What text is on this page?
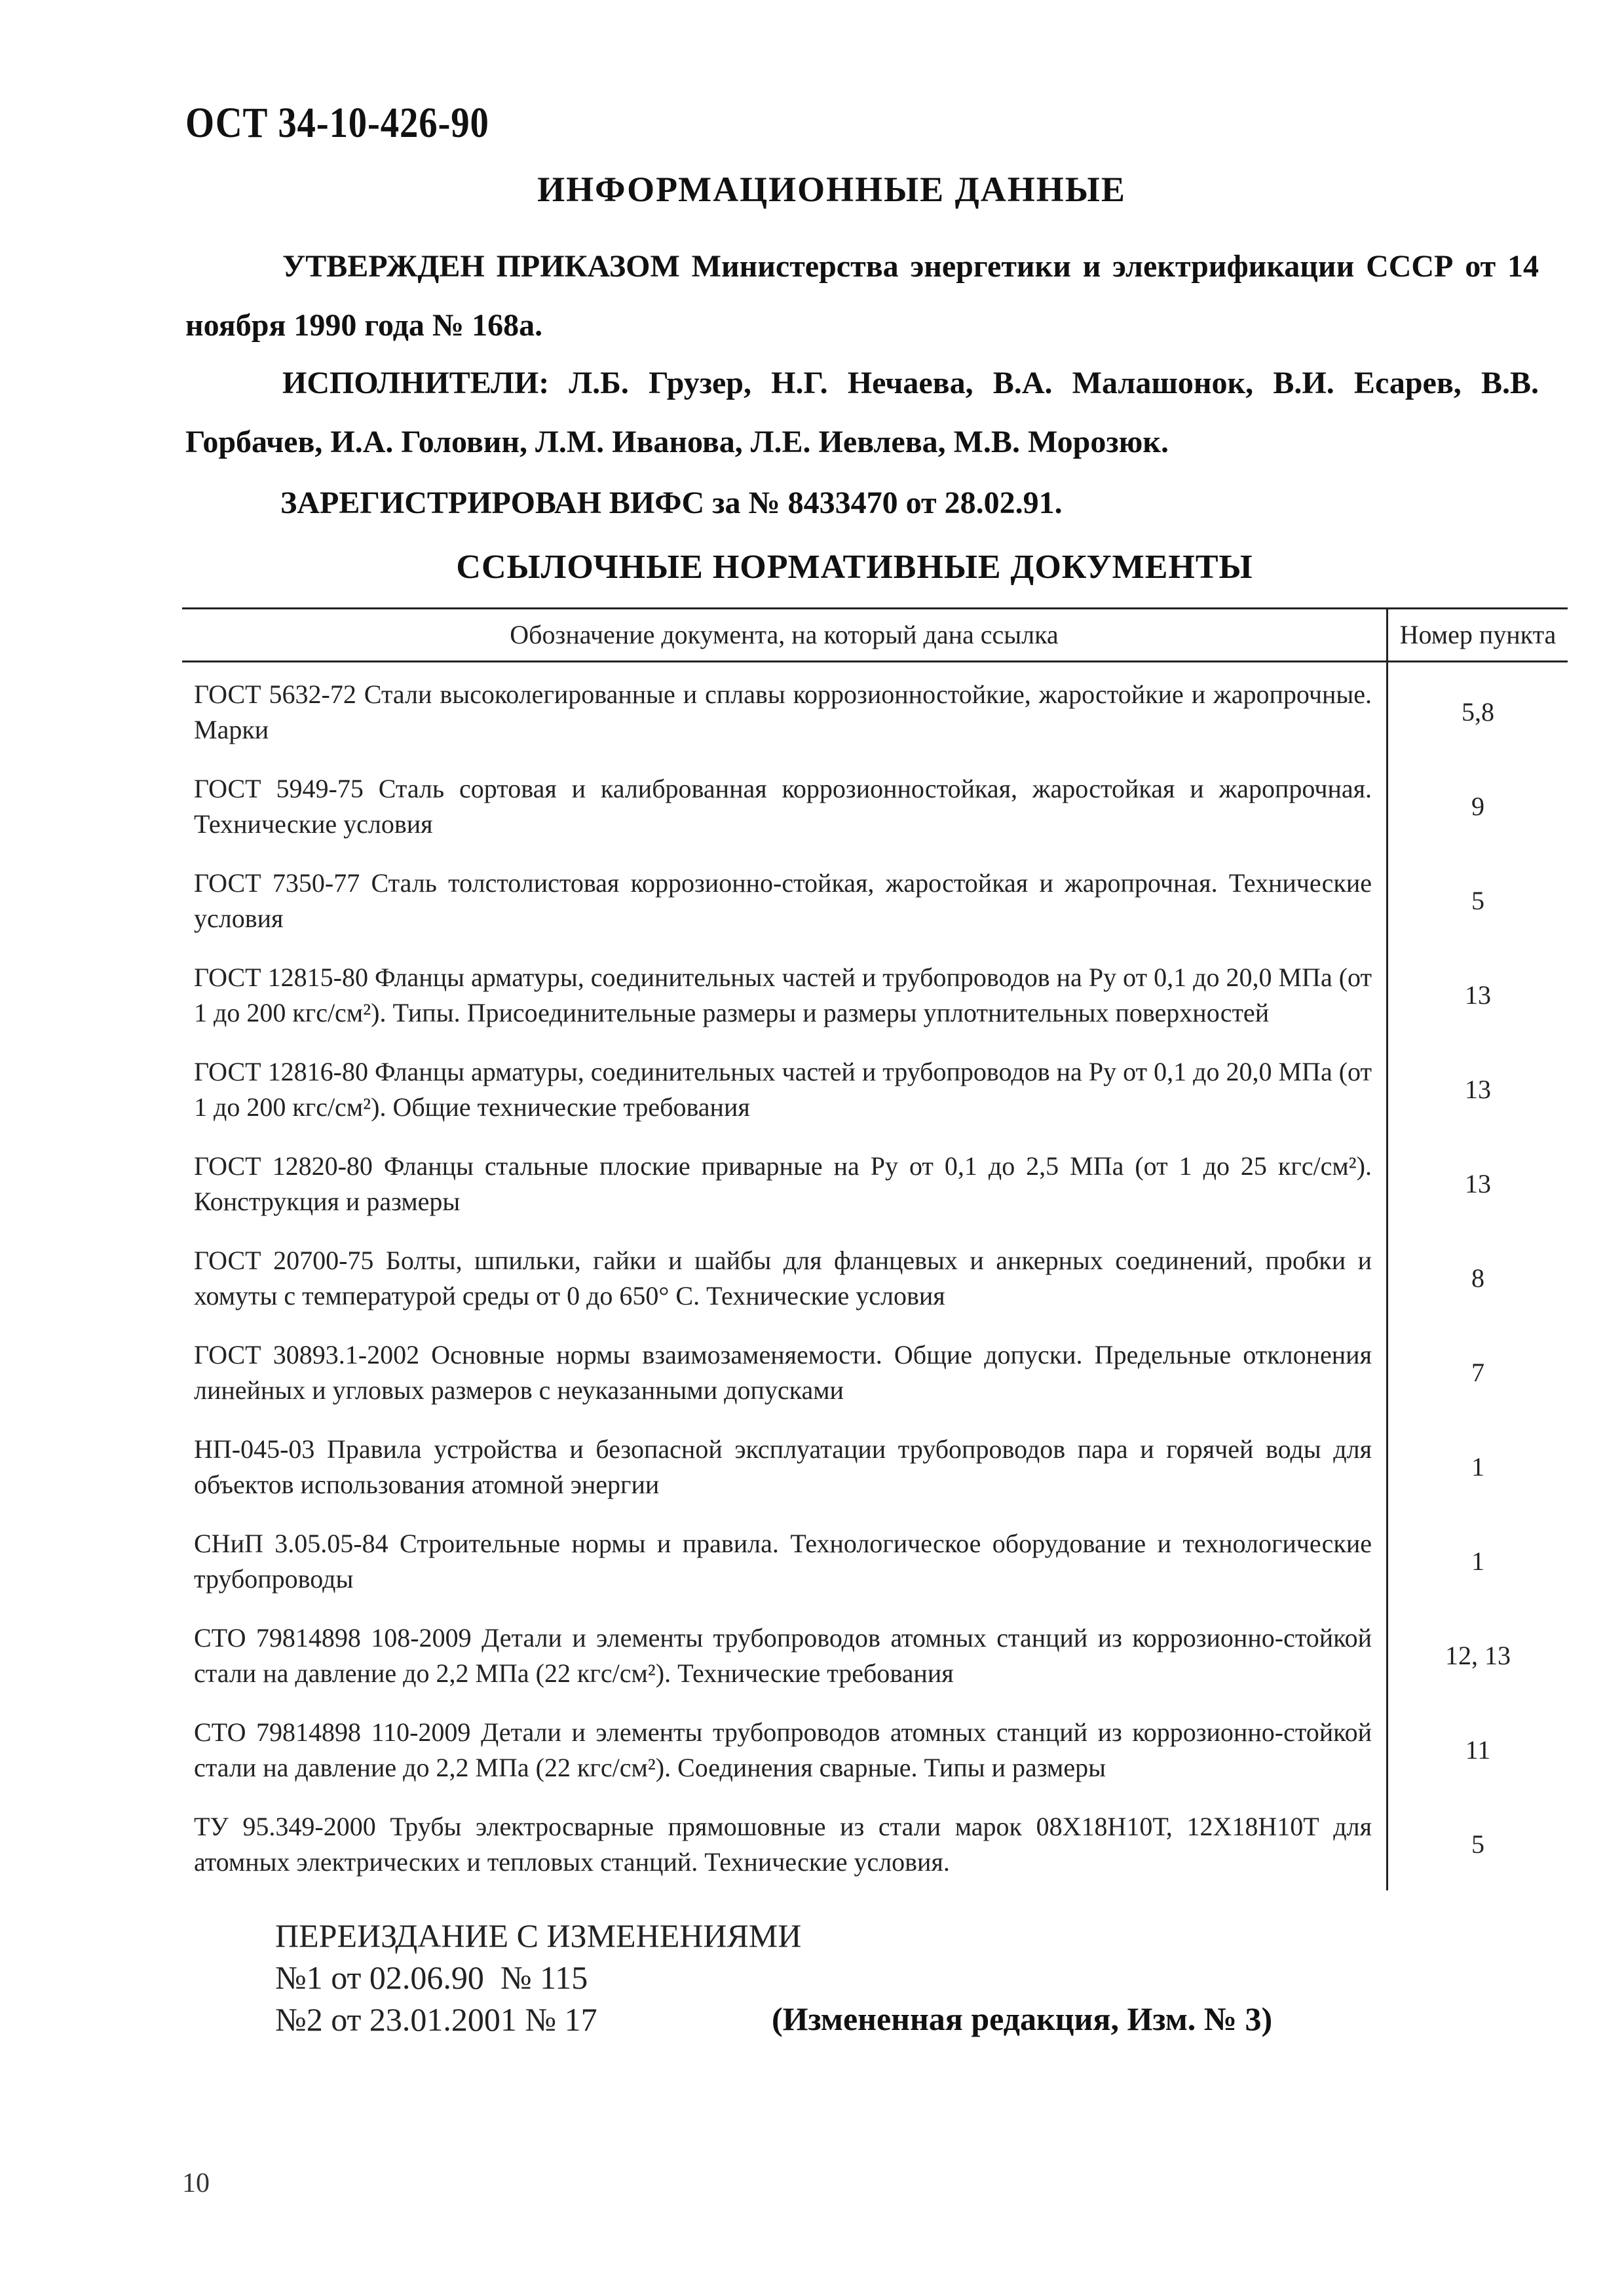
ОСТ 34-10-426-90
ИНФОРМАЦИОННЫЕ ДАННЫЕ
УТВЕРЖДЕН ПРИКАЗОМ Министерства энергетики и электрификации СССР от 14 ноября 1990 года № 168а.
ИСПОЛНИТЕЛИ: Л.Б. Грузер, Н.Г. Нечаева, В.А. Малашонок, В.И. Есарев, В.В. Горбачев, И.А. Головин, Л.М. Иванова, Л.Е. Иевлева, М.В. Морозюк.
ЗАРЕГИСТРИРОВАН ВИФС за № 8433470 от 28.02.91.
ССЫЛОЧНЫЕ НОРМАТИВНЫЕ ДОКУМЕНТЫ
Обозначение документа, на который дана ссылка	Номер пункта
ГОСТ 5632-72 Стали высоколегированные и сплавы коррозионностойкие, жаростойкие и жаропрочные. Марки	5,8
ГОСТ 5949-75 Сталь сортовая и калиброванная коррозионностойкая, жаростойкая и жаропрочная. Технические условия	9
ГОСТ 7350-77 Сталь толстолистовая коррозионно-стойкая, жаростойкая и жаропрочная. Технические условия	5
ГОСТ 12815-80 Фланцы арматуры, соединительных частей и трубопроводов на Ру от 0,1 до 20,0 МПа (от 1 до 200 кгс/см²). Типы. Присоединительные размеры и размеры уплотнительных поверхностей	13
ГОСТ 12816-80 Фланцы арматуры, соединительных частей и трубопроводов на Ру от 0,1 до 20,0 МПа (от 1 до 200 кгс/см²). Общие технические требования	13
ГОСТ 12820-80 Фланцы стальные плоские приварные на Ру от 0,1 до 2,5 МПа (от 1 до 25 кгс/см²). Конструкция и размеры	13
ГОСТ 20700-75 Болты, шпильки, гайки и шайбы для фланцевых и анкерных соединений, пробки и хомуты с температурой среды от 0 до 650° С. Технические условия	8
ГОСТ 30893.1-2002 Основные нормы взаимозаменяемости. Общие допуски. Предельные отклонения линейных и угловых размеров с неуказанными допусками	7
НП-045-03 Правила устройства и безопасной эксплуатации трубопроводов пара и горячей воды для объектов использования атомной энергии	1
СНиП 3.05.05-84 Строительные нормы и правила. Технологическое оборудование и технологические трубопроводы	1
СТО 79814898 108-2009 Детали и элементы трубопроводов атомных станций из коррозионно-стойкой стали на давление до 2,2 МПа (22 кгс/см²). Технические требования	12, 13
СТО 79814898 110-2009 Детали и элементы трубопроводов атомных станций из коррозионно-стойкой стали на давление до 2,2 МПа (22 кгс/см²). Соединения сварные. Типы и размеры	11
ТУ 95.349-2000 Трубы электросварные прямошовные из стали марок 08Х18Н10Т, 12Х18Н10Т для атомных электрических и тепловых станций. Технические условия.	5
ПЕРЕИЗДАНИЕ С ИЗМЕНЕНИЯМИ
№1 от 02.06.90  № 115
№2 от 23.01.2001 № 17	(Измененная редакция, Изм. № 3)
10
